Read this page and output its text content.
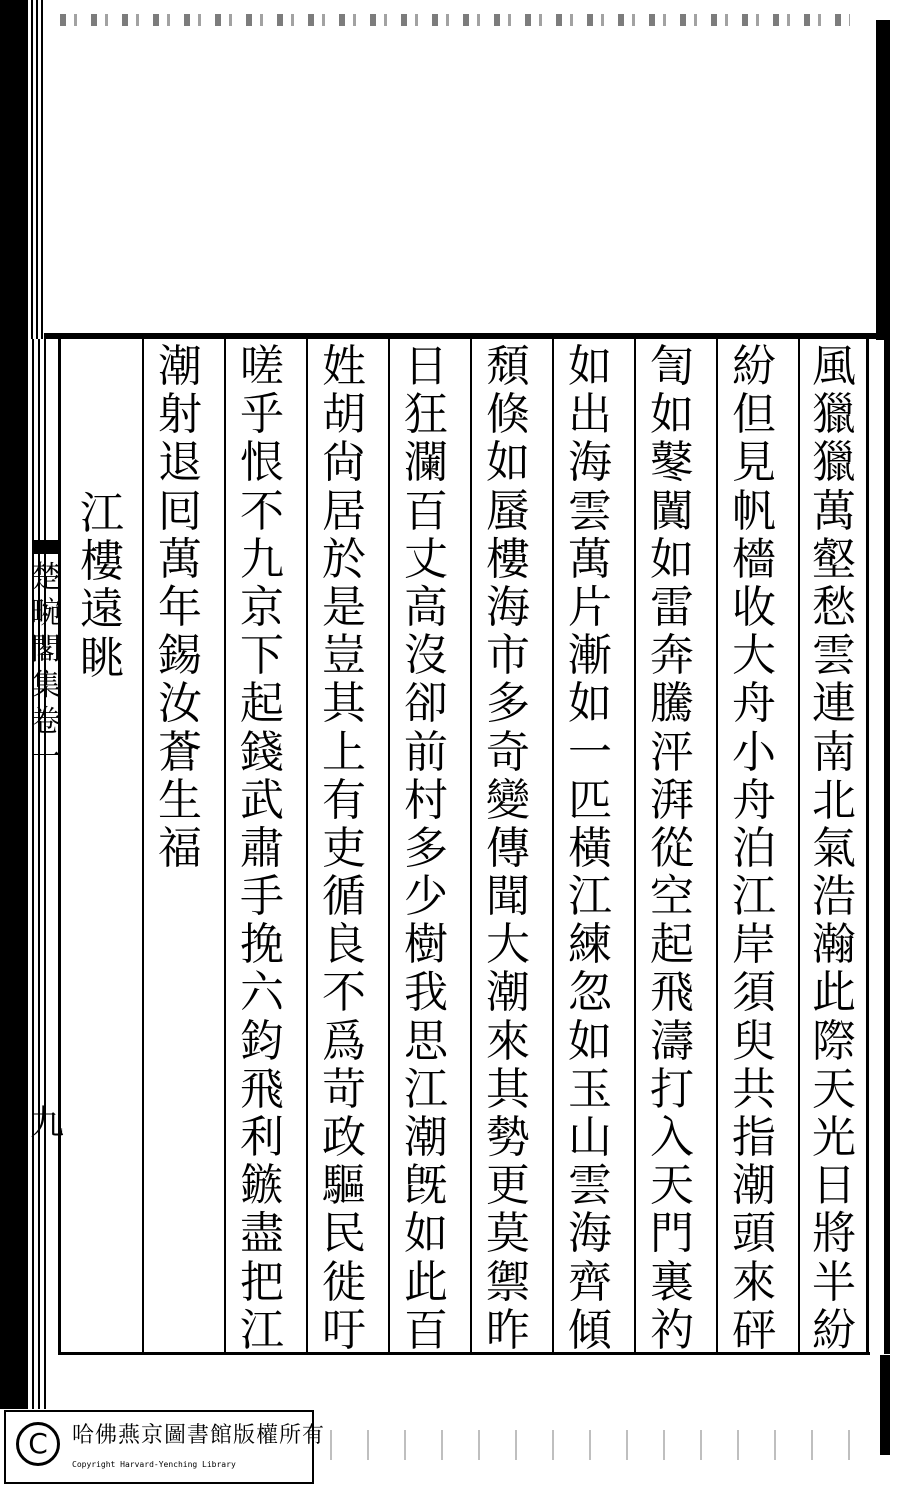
風
獵
獵
萬
壑
愁
雲
連
南
北
氣
浩
瀚
此
際
天
光
日
將
半
紛
紛
但
見
帆
檣
收
大
舟
小
舟
泊
江
岸
須
臾
共
指
潮
頭
來
砰
訇
如
鼕
闐
如
雷
奔
騰
泙
湃
從
空
起
飛
濤
打
入
天
門
裏
礿
如
出
海
雲
萬
片
漸
如
一
匹
橫
江
練
忽
如
玉
山
雲
海
齊
傾
頹
倏
如
蜃
樓
海
市
多
奇
變
傳
聞
大
潮
來
其
勢
更
莫
禦
昨
日
狂
瀾
百
丈
高
沒
卻
前
村
多
少
樹
我
思
江
潮
旣
如
此
百
姓
胡
尙
居
於
是
豈
其
上
有
吏
循
良
不
爲
苛
政
驅
民
徙
吁
嗟
乎
恨
不
九
京
下
起
錢
武
肅
手
挽
六
鈞
飛
利
鏃
盡
把
江
潮
射
退
囘
萬
年
錫
汝
蒼
生
福
江
樓
遠
眺
楚
畹
閣
集
卷
一
九
C	哈佛燕京圖書館版權所有
Copyright Harvard-Yenching Library
